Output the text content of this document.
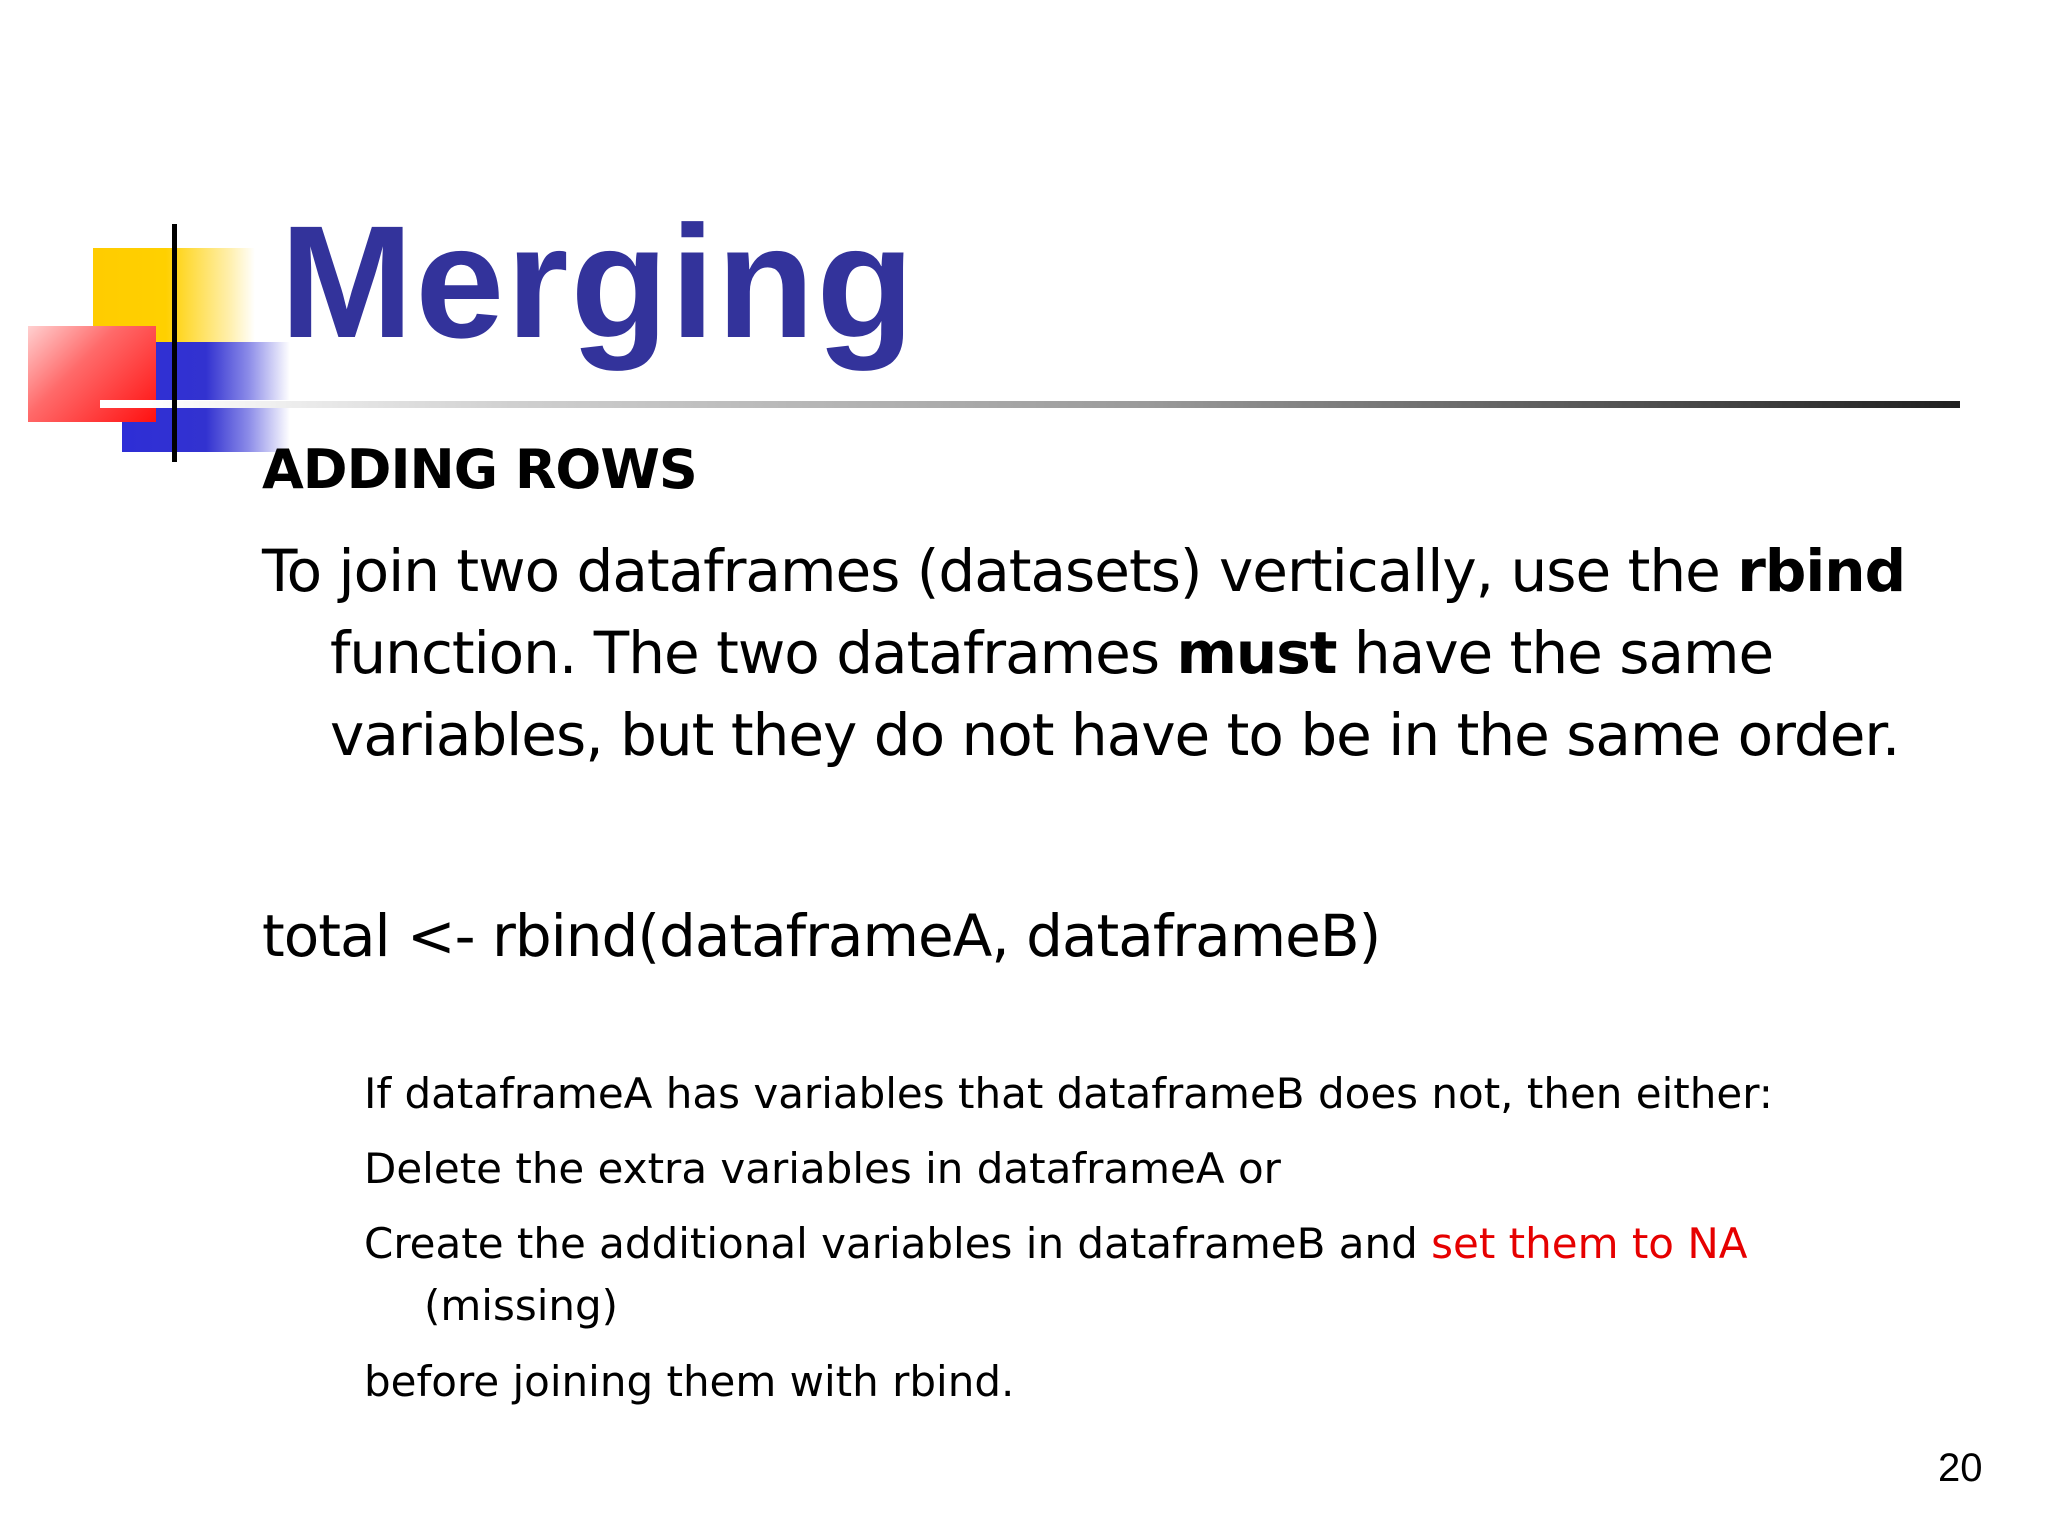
Merging
ADDING ROWS
To join two dataframes (datasets) vertically, use the rbind
function. The two dataframes must have the same
variables, but they do not have to be in the same order.
total <- rbind(dataframeA, dataframeB)
If dataframeA has variables that dataframeB does not, then either:
Delete the extra variables in dataframeA or
Create the additional variables in dataframeB and set them to NA
(missing)
before joining them with rbind.
20
